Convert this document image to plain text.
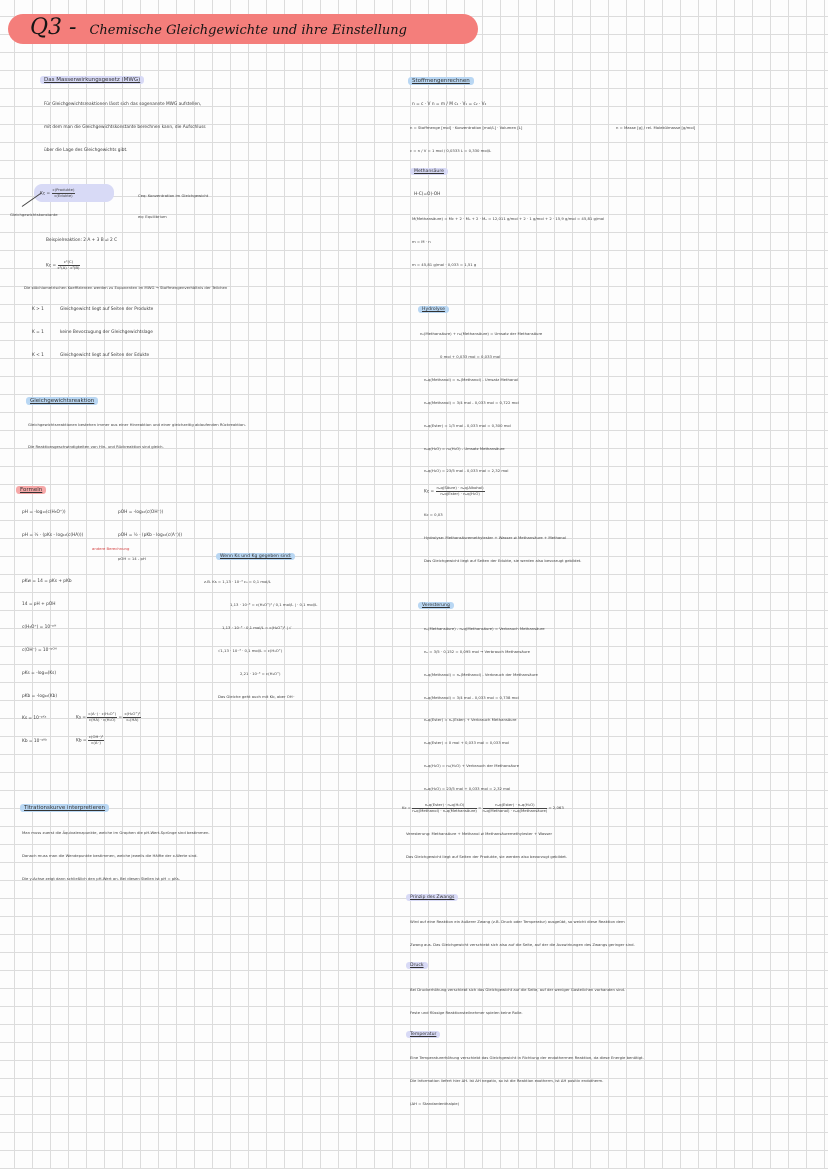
Q3 - Chemische Gleichgewichte und ihre Einstellung
Das Massenwirkungsgesetz (MWG)
Für Gleichgewichtsreaktionen lässt sich das sogenannte MWG aufstellen,
mit dem man die Gleichgewichtskonstante berechnen kann, die Aufschluss
über die Lage des Gleichgewichts gibt.
$Kc = \frac{\text{c(Produkte)}}{\text{c(Edukte)}}$	Ceq: Konzentration im Gleichgewicht
eq: Equilibrium
Gleichgewichtskonstante
Beispielreaktion: 2 A + 3 B ⇌ 2 C
$Kc = \frac{\text{c²(C)}}{\text{c²(A) · c³(B)}}$
Die stöchiometrischen Koeffizienten werden zu Exponenten im MWG → Stoffmengenverhältnis der Teilchen
K > 1	Gleichgewicht liegt auf Seiten der Produkte
K = 1	keine Bevorzugung der Gleichgewichtslage
K < 1	Gleichgewicht liegt auf Seiten der Edukte
Gleichgewichtsreaktion
Gleichgewichtsreaktionen bestehen immer aus einer Hinreaktion und einer gleichzeitig ablaufenden Rückreaktion.
Die Reaktionsgeschwindigkeiten von Hin- und Rückreaktion sind gleich.
Formeln
pH = -log₁₀(c(H₃O⁺))	pOH = -log₁₀(c(OH⁻))
pH = ½ · (pKs - log₁₀(c(HA)))	pOH = ½ · (pKb - log₁₀(c(A⁻)))
andere Berechnung
pOH = 14 - pH
pKw = 14 = pKs + pKb
14 = pH + pOH
c(H₃O⁺) = 10⁻ᵖᴴ
c(OH⁻) = 10⁻ᵖᴼᴴ
pKs = -log₁₀(Ks)
pKb = -log₁₀(Kb)
Ks = 10⁻ᵖᴷˢ
Kb = 10⁻ᵖᴷᵇ
$Ks = \frac{\text{c(A⁻) · c(H₃O⁺)}}{\text{c(HA) · c(H₂O)}} = \frac{\text{c(H₃O⁺)²}}{\text{c₀(HA)}}$
$Kb = \frac{\text{c(OH⁻)²}}{c(A^-)}$
Wenn Ks und Kg gegeben sind:
z.B. Ks = 1,13 · 10⁻³ c₀ = 0,1 mol/L
1,13 · 10⁻³ = c(H₃O⁺)² / 0,1 mol/L | · 0,1 mol/L
1,13 · 10⁻³ · 0,1 mol/L = c(H₃O⁺)² | √
√1,13 · 10⁻³ · 0,1 mol/L = c(H₃O⁺)
2,21 · 10⁻³ = c(H₃O⁺)
Das Gleiche geht auch mit Kb, aber OH⁻
Titrationskurve interpretieren
Man muss zuerst die Äquivalenzpunkte, welche im Graphen die pH-Wert-Sprünge sind bestimmen.
Danach muss man die Wendepunkte bestimmen, welche jeweils die Hälfte der x-Werte sind.
Die y-Achse zeigt dann schließlich den pH-Wert an. Bei diesen Stellen ist pH = pKs.
Stoffmengenrechnen
n = c · V n = m / M c₁ · V₁ = c₂ · V₂
n = Stoffmenge [mol] · Konzentration [mol/L] · Volumen [L]	n = Masse [g] / rel. Molekülmasse [g/mol]
c = n / V = 1 mol / 0,0333 L = 0,330 mol/L
Methansäure
H-C(=O)-OH
M(Methansäure) = Mᴄ + 2 · Mₕ + 2 · Mₒ = 12,011 g/mol + 2 · 1 g/mol + 2 · 15,9 g/mol = 45,81 g/mol
m = M · n
m = 45,81 g/mol · 0,033 = 1,51 g
Hydrolyse
n₀(Methansäure) + n₀(Methansäure) = Umsatz der Methansäure
0 mol + 0,033 mol = 0,033 mol
nₑq(Methanol) = nₑ(Methanol) - Umsatz Methanol
nₑq(Methanol) = 3/4 mol - 0,033 mol = 0,722 mol
nₑq(Ester) = 1/3 mol - 0,033 mol = 0,300 mol
nₑq(H₂O) = n₀(H₂O) - Umsatz Methansäure
nₑq(H₂O) = 23/5 mol - 0,033 mol = 2,32 mol
$Kc = \frac{\text{nₑq(Säure) · nₑq(Alkohol)}}{\text{nₑq(Ester) · nₑq(H₂O)}}$
Kc = 0,03
Hydrolyse: Methansäuremethylester + Wasser ⇌ Methansäure + Methanol
Das Gleichgewicht liegt auf Seiten der Edukte, sie werden also bevorzugt gebildet.
Veresterung
nₑ(Methansäure) - nₑq(Methansäure) = Verbrauch Methansäure
nₑ = 3/5 · 0,152 = 0,095 mol → Verbrauch Methansäure
nₑq(Methanol) = nₑ(Methanol) - Verbrauch der Methansäure
nₑq(Methanol) = 3/4 mol - 0,033 mol = 0,738 mol
nₑq(Ester) = nₑ(Ester) + Verbrauch Methansäure
nₑq(Ester) = 0 mol + 0,033 mol = 0,033 mol
nₑq(H₂O) = n₀(H₂O) + Verbrauch der Methansäure
nₑq(H₂O) = 23/5 mol + 0,033 mol = 2,32 mol
$Kc = \frac{\text{nₑq(Ester) · nₑq(H₂O)}}{\text{nₑq(Methanol) · nₑq(Methansäure)}} = \frac{\text{nₑq(Ester) · nₑq(H₂O)}}{\text{nₑq(Methanol) · nₑq(Methansäure)}} = 2,063$
Veresterung: Methansäure + Methanol ⇌ Methansäuremethylester + Wasser
Das Gleichgewicht liegt auf Seiten der Produkte, sie werden also bevorzugt gebildet.
Prinzip des Zwangs
Wird auf eine Reaktion ein äußerer Zwang (z.B. Druck oder Temperatur) ausgeübt, so weicht diese Reaktion dem
Zwang aus. Das Gleichgewicht verschiebt sich also auf die Seite, auf der die Auswirkungen des Zwangs geringer sind.
Druck
Bei Druckerhöhung verschiebt sich das Gleichgewicht auf die Seite, auf der weniger Gasteilchen vorhanden sind.
Feste und flüssige Reaktionsteilnehmer spielen keine Rolle.
Temperatur
Eine Temperaturerhöhung verschiebt das Gleichgewicht in Richtung der endothermen Reaktion, da diese Energie benötigt.
Die Information liefert hier ΔH. Ist ΔH negativ, so ist die Reaktion exotherm, ist ΔH positiv endotherm.
(ΔH = Standardenthalpie)
